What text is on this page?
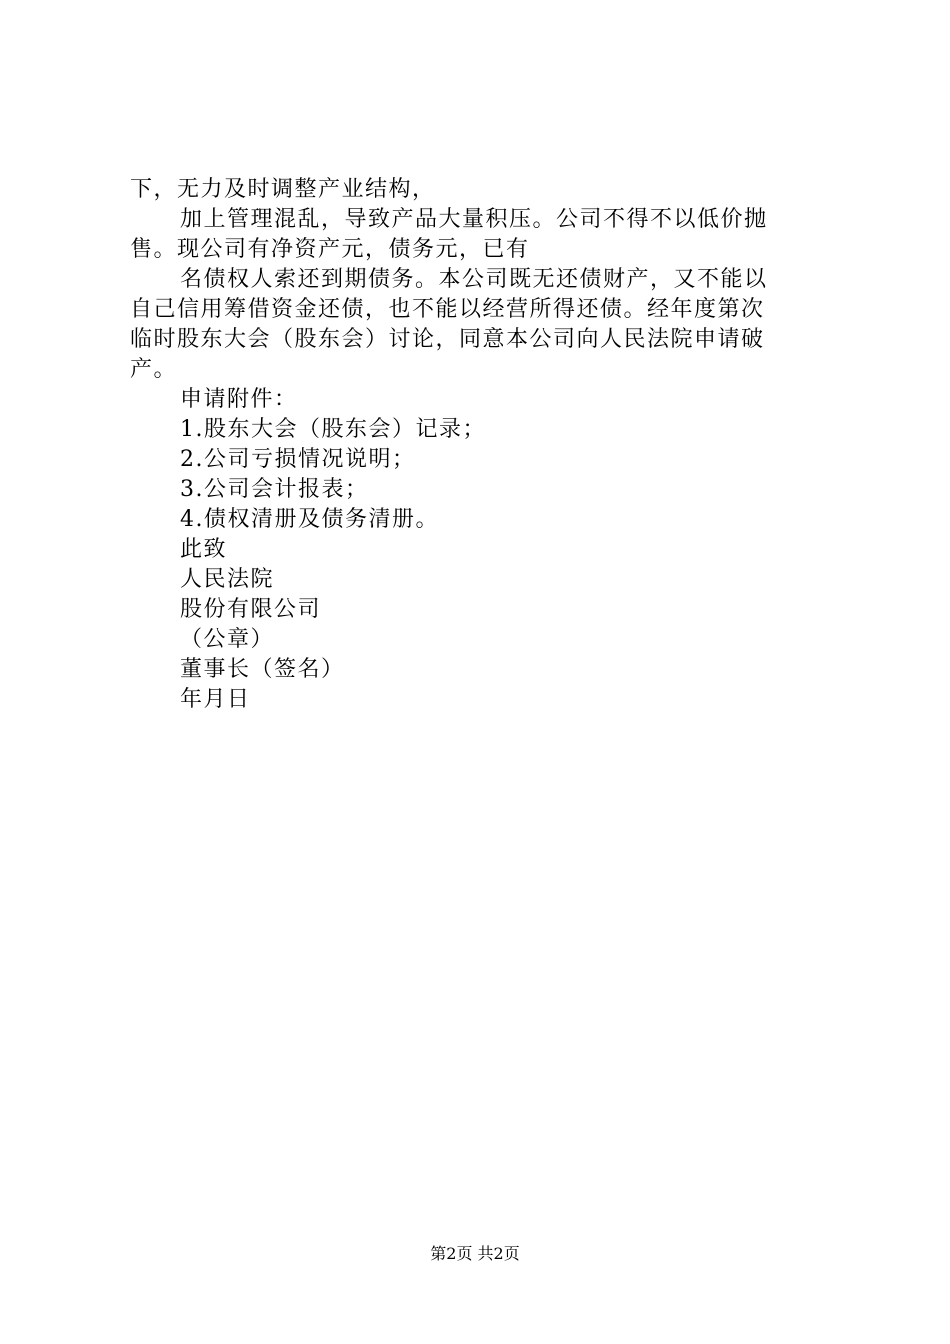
下，无力及时调整产业结构，
加上管理混乱，导致产品大量积压。公司不得不以低价抛
售。现公司有净资产元，债务元，已有
名债权人索还到期债务。本公司既无还债财产，又不能以
自己信用筹借资金还债，也不能以经营所得还债。经年度第次
临时股东大会（股东会）讨论，同意本公司向人民法院申请破
产。
申请附件：
1.股东大会（股东会）记录；
2.公司亏损情况说明；
3.公司会计报表；
4.债权清册及债务清册。
此致
人民法院
股份有限公司
（公章）
董事长（签名）
年月日
第2页 共2页
